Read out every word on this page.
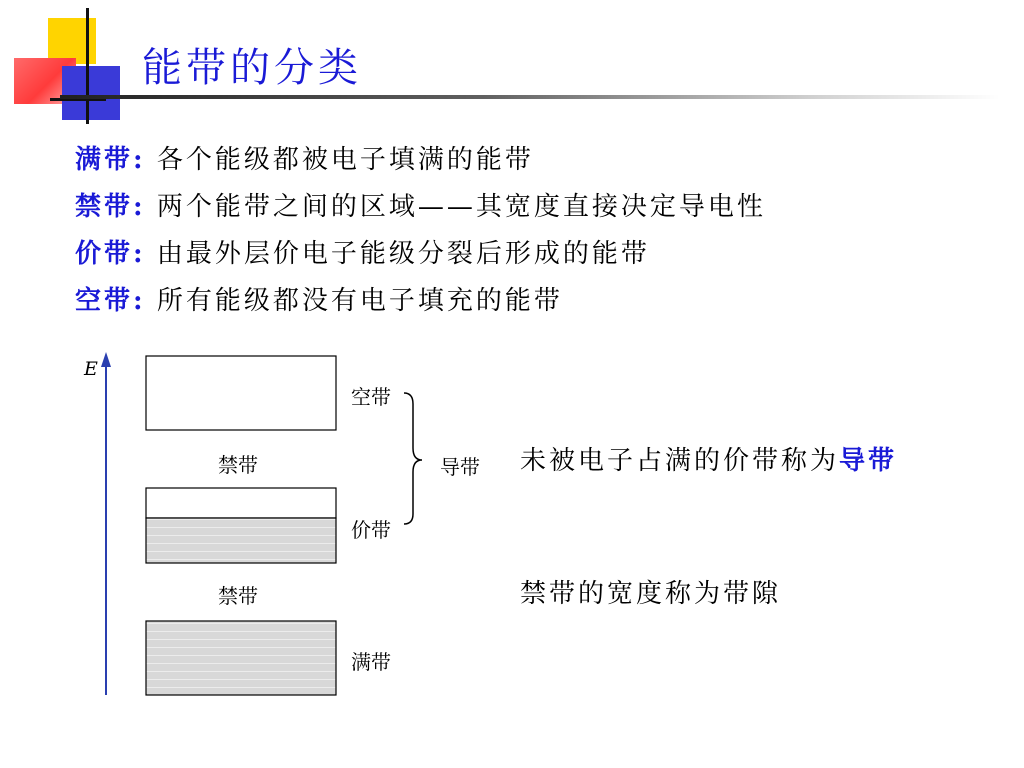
能带的分类
满带: 各个能级都被电子填满的能带
禁带: 两个能带之间的区域——其宽度直接决定导电性
价带: 由最外层价电子能级分裂后形成的能带
空带: 所有能级都没有电子填充的能带
E
空带
禁带	导带
价带
禁带
满带
未被电子占满的价带称为导带
禁带的宽度称为带隙
